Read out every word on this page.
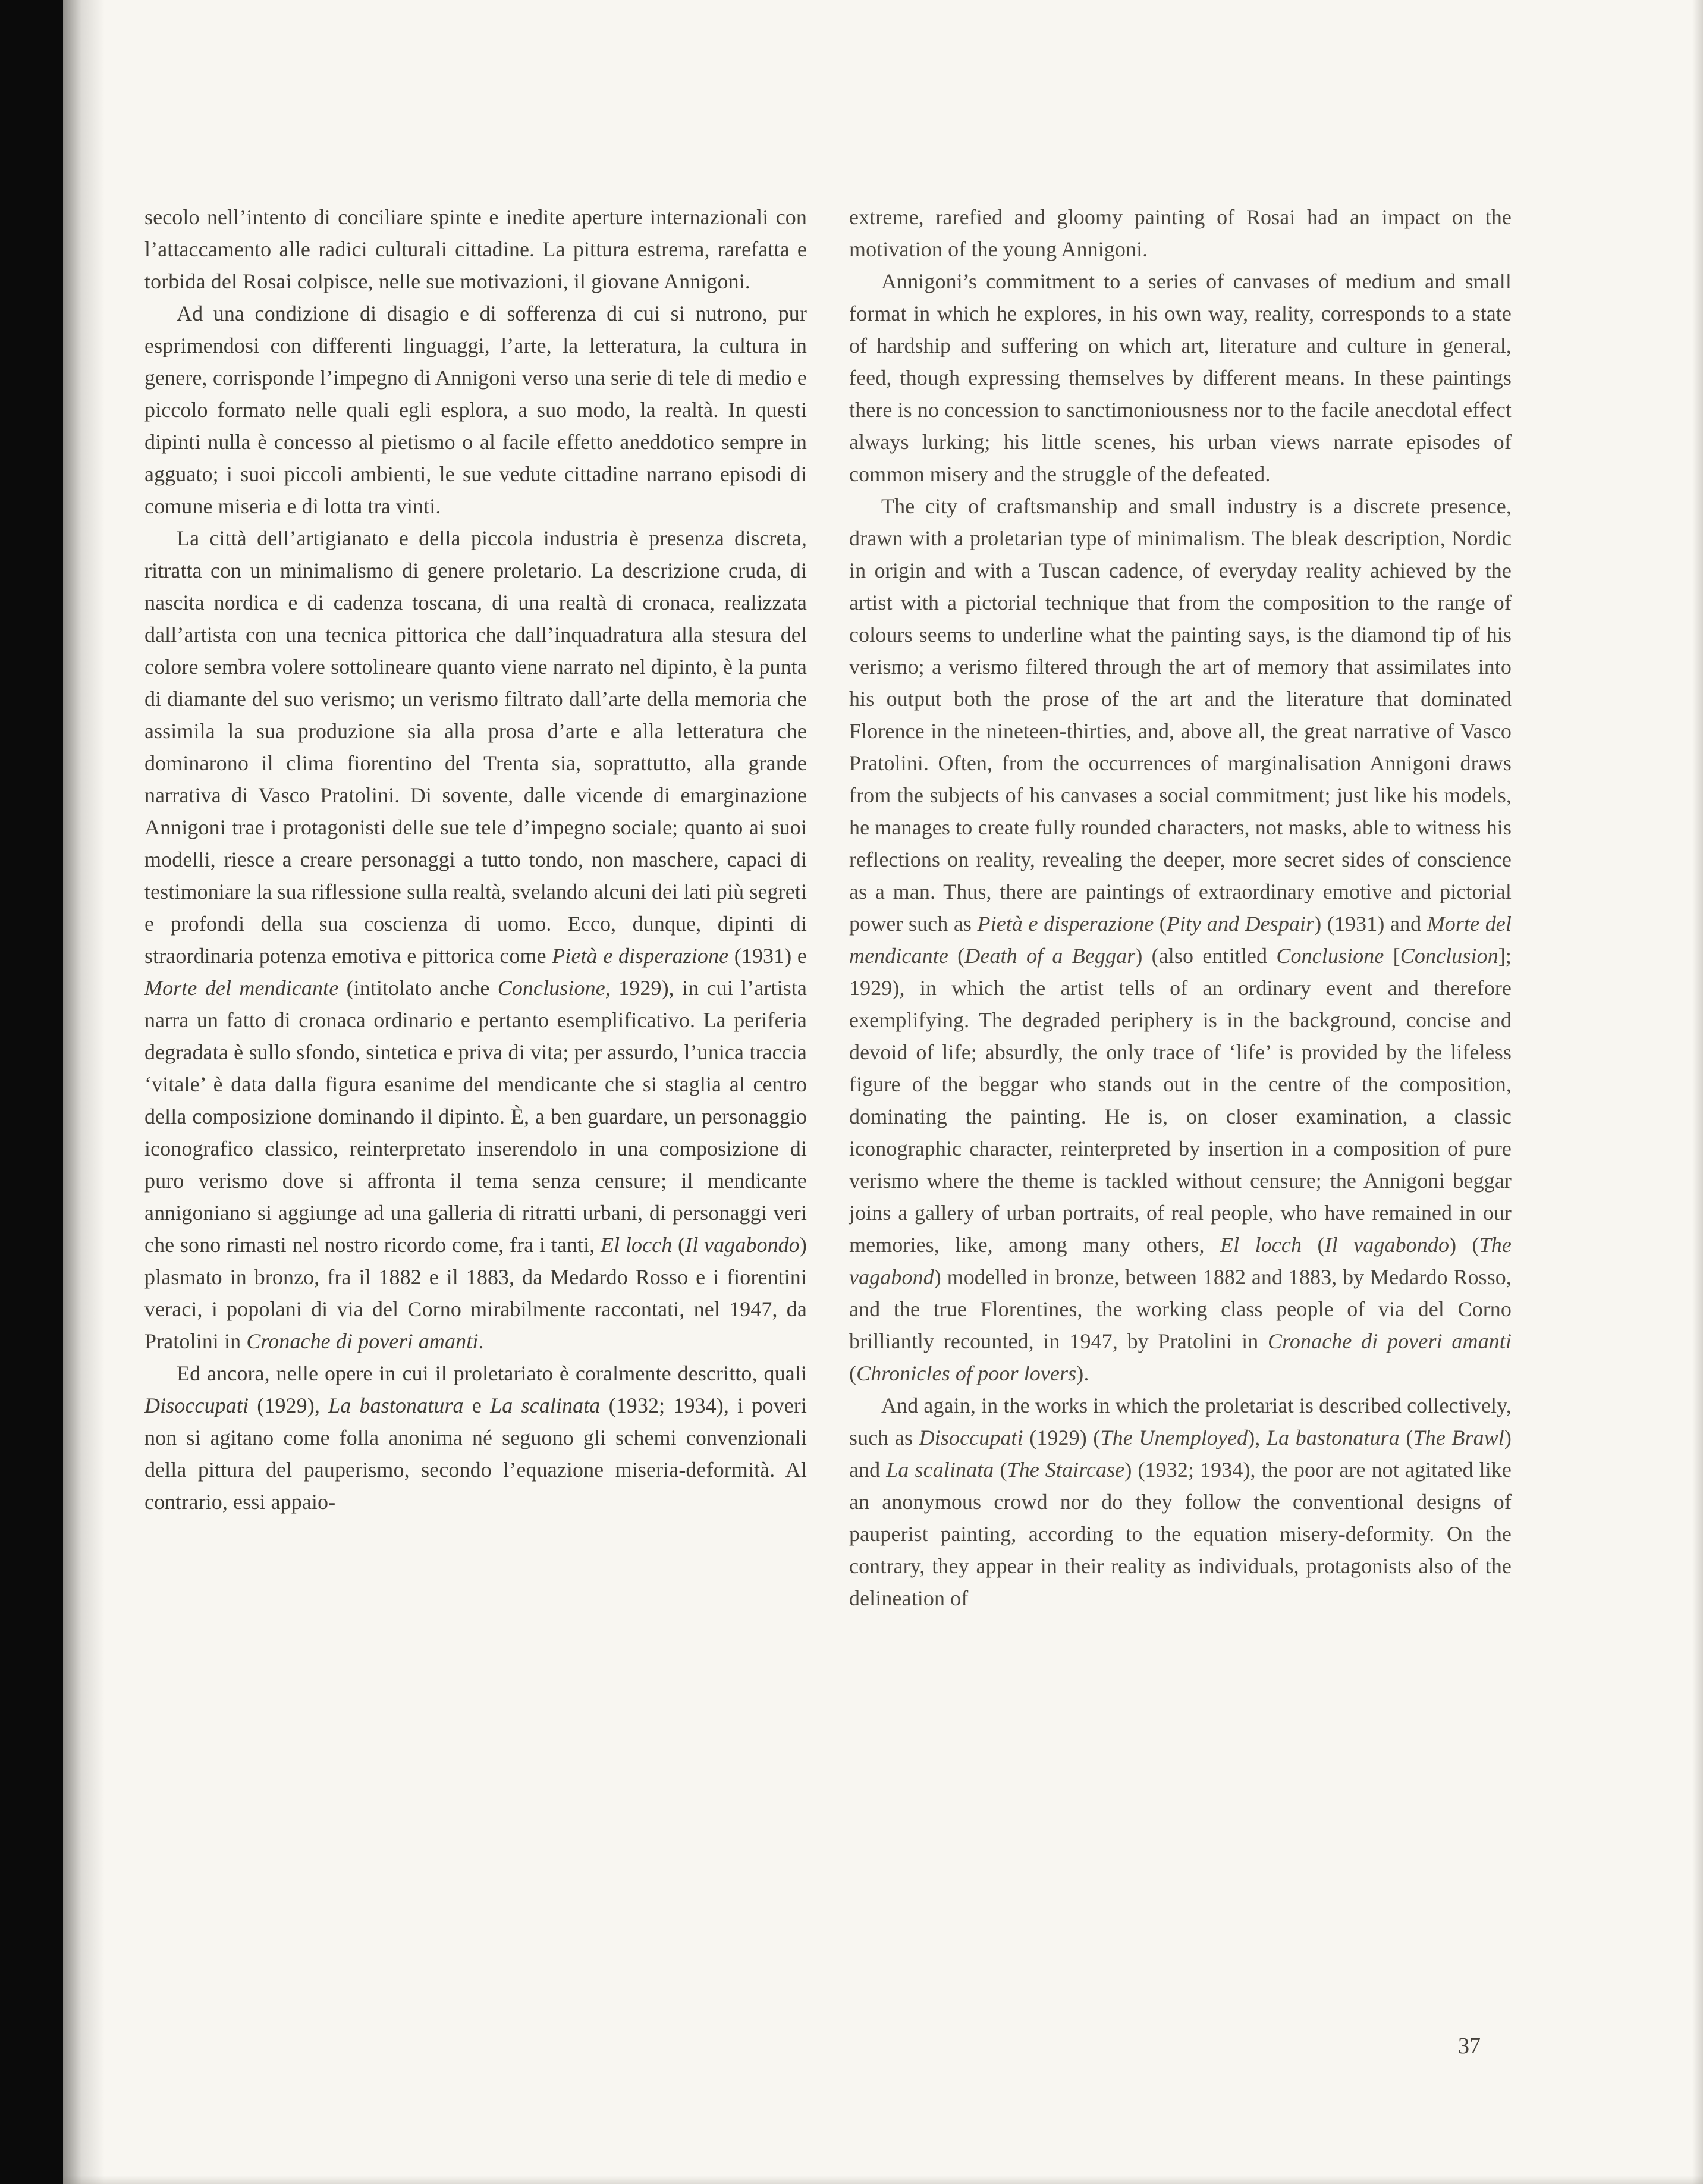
secolo nell’intento di conciliare spinte e inedite aperture internazionali con l’attaccamento alle radici culturali cittadine. La pittura estrema, rarefatta e torbida del Rosai colpisce, nelle sue motivazioni, il giovane Annigoni.

Ad una condizione di disagio e di sofferenza di cui si nutrono, pur esprimendosi con differenti linguaggi, l’arte, la letteratura, la cultura in genere, corrisponde l’impegno di Annigoni verso una serie di tele di medio e piccolo formato nelle quali egli esplora, a suo modo, la realtà. In questi dipinti nulla è concesso al pietismo o al facile effetto aneddotico sempre in agguato; i suoi piccoli ambienti, le sue vedute cittadine narrano episodi di comune miseria e di lotta tra vinti.

La città dell’artigianato e della piccola industria è presenza discreta, ritratta con un minimalismo di genere proletario. La descrizione cruda, di nascita nordica e di cadenza toscana, di una realtà di cronaca, realizzata dall’artista con una tecnica pittorica che dall’inquadratura alla stesura del colore sembra volere sottolineare quanto viene narrato nel dipinto, è la punta di diamante del suo verismo; un verismo filtrato dall’arte della memoria che assimila la sua produzione sia alla prosa d’arte e alla letteratura che dominarono il clima fiorentino del Trenta sia, soprattutto, alla grande narrativa di Vasco Pratolini. Di sovente, dalle vicende di emarginazione Annigoni trae i protagonisti delle sue tele d’impegno sociale; quanto ai suoi modelli, riesce a creare personaggi a tutto tondo, non maschere, capaci di testimoniare la sua riflessione sulla realtà, svelando alcuni dei lati più segreti e profondi della sua coscienza di uomo. Ecco, dunque, dipinti di straordinaria potenza emotiva e pittorica come Pietà e disperazione (1931) e Morte del mendicante (intitolato anche Conclusione, 1929), in cui l’artista narra un fatto di cronaca ordinario e pertanto esemplificativo. La periferia degradata è sullo sfondo, sintetica e priva di vita; per assurdo, l’unica traccia ‘vitale’ è data dalla figura esanime del mendicante che si staglia al centro della composizione dominando il dipinto. È, a ben guardare, un personaggio iconografico classico, reinterpretato inserendolo in una composizione di puro verismo dove si affronta il tema senza censure; il mendicante annigoniano si aggiunge ad una galleria di ritratti urbani, di personaggi veri che sono rimasti nel nostro ricordo come, fra i tanti, El locch (Il vagabondo) plasmato in bronzo, fra il 1882 e il 1883, da Medardo Rosso e i fiorentini veraci, i popolani di via del Corno mirabilmente raccontati, nel 1947, da Pratolini in Cronache di poveri amanti.

Ed ancora, nelle opere in cui il proletariato è coralmente descritto, quali Disoccupati (1929), La bastonatura e La scalinata (1932; 1934), i poveri non si agitano come folla anonima né seguono gli schemi convenzionali della pittura del pauperismo, secondo l’equazione miseria-deformità. Al contrario, essi appaio-

extreme, rarefied and gloomy painting of Rosai had an impact on the motivation of the young Annigoni.

Annigoni’s commitment to a series of canvases of medium and small format in which he explores, in his own way, reality, corresponds to a state of hardship and suffering on which art, literature and culture in general, feed, though expressing themselves by different means. In these paintings there is no concession to sanctimoniousness nor to the facile anecdotal effect always lurking; his little scenes, his urban views narrate episodes of common misery and the struggle of the defeated.

The city of craftsmanship and small industry is a discrete presence, drawn with a proletarian type of minimalism. The bleak description, Nordic in origin and with a Tuscan cadence, of everyday reality achieved by the artist with a pictorial technique that from the composition to the range of colours seems to underline what the painting says, is the diamond tip of his verismo; a verismo filtered through the art of memory that assimilates into his output both the prose of the art and the literature that dominated Florence in the nineteen-thirties, and, above all, the great narrative of Vasco Pratolini. Often, from the occurrences of marginalisation Annigoni draws from the subjects of his canvases a social commitment; just like his models, he manages to create fully rounded characters, not masks, able to witness his reflections on reality, revealing the deeper, more secret sides of conscience as a man. Thus, there are paintings of extraordinary emotive and pictorial power such as Pietà e disperazione (Pity and Despair) (1931) and Morte del mendicante (Death of a Beggar) (also entitled Conclusione [Conclusion]; 1929), in which the artist tells of an ordinary event and therefore exemplifying. The degraded periphery is in the background, concise and devoid of life; absurdly, the only trace of ‘life’ is provided by the lifeless figure of the beggar who stands out in the centre of the composition, dominating the painting. He is, on closer examination, a classic iconographic character, reinterpreted by insertion in a composition of pure verismo where the theme is tackled without censure; the Annigoni beggar joins a gallery of urban portraits, of real people, who have remained in our memories, like, among many others, El locch (Il vagabondo) (The vagabond) modelled in bronze, between 1882 and 1883, by Medardo Rosso, and the true Florentines, the working class people of via del Corno brilliantly recounted, in 1947, by Pratolini in Cronache di poveri amanti (Chronicles of poor lovers).

And again, in the works in which the proletariat is described collectively, such as Disoccupati (1929) (The Unemployed), La bastonatura (The Brawl) and La scalinata (The Staircase) (1932; 1934), the poor are not agitated like an anonymous crowd nor do they follow the conventional designs of pauperist painting, according to the equation misery-deformity. On the contrary, they appear in their reality as individuals, protagonists also of the delineation of

37
